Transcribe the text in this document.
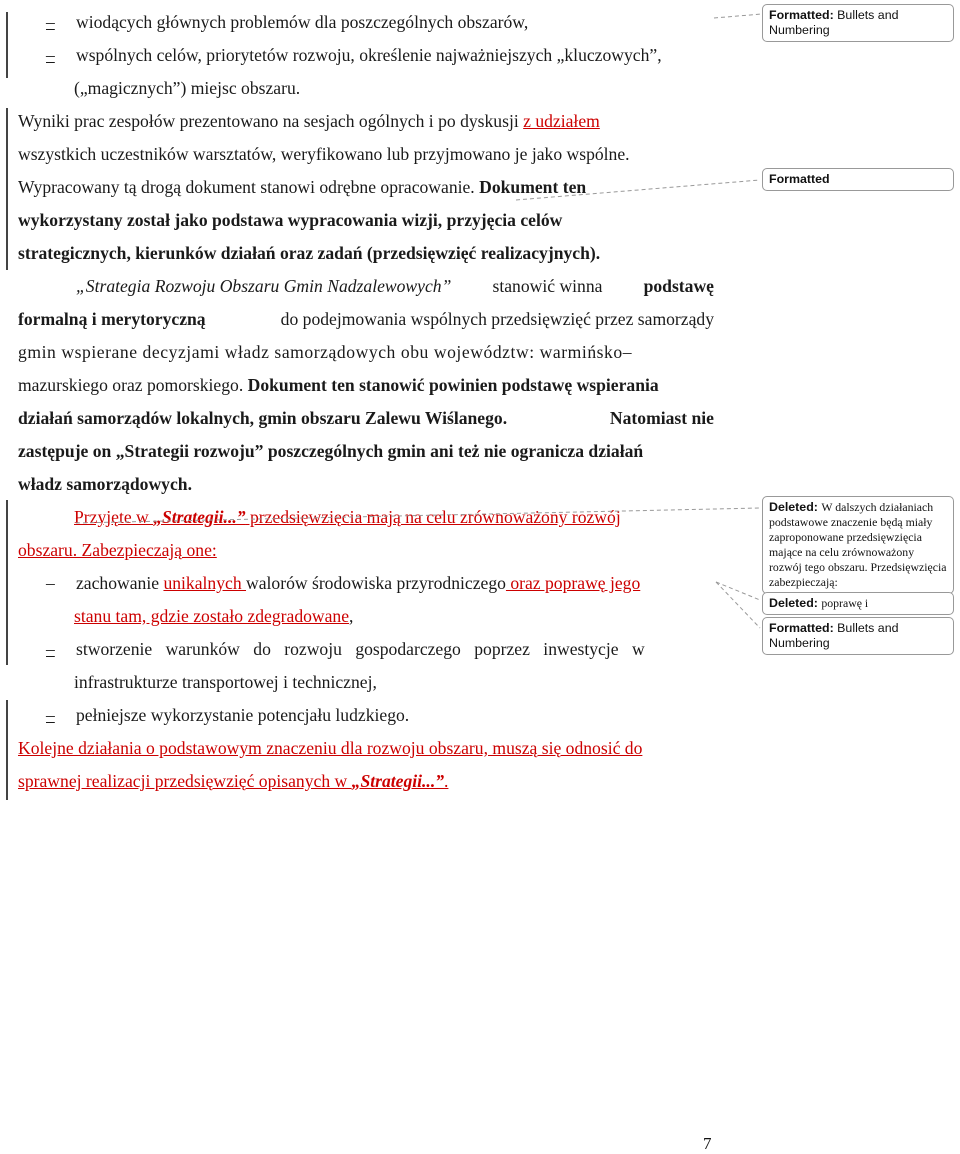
– wiodących głównych problemów dla poszczególnych obszarów,
– wspólnych celów, priorytetów rozwoju, określenie najważniejszych „kluczowych”,
(„magicznych”) miejsc obszaru.
Wyniki prac zespołów prezentowano na sesjach ogólnych i po dyskusji z udziałem
wszystkich uczestników warsztatów, weryfikowano lub przyjmowano je jako wspólne.
Wypracowany tą drogą dokument stanowi odrębne opracowanie. Dokument ten
wykorzystany został jako podstawa wypracowania wizji, przyjęcia celów
strategicznych, kierunków działań oraz zadań (przedsięwzięć realizacyjnych).
„Strategia Rozwoju Obszaru Gmin Nadzalewowych” stanowić winna podstawę
formalną i merytoryczną	do podejmowania wspólnych przedsięwzięć przez samorządy
gmin wspierane decyzjami władz samorządowych obu województw: warmińsko–
mazurskiego oraz pomorskiego. Dokument ten stanowić powinien podstawę wspierania
działań samorządów lokalnych, gmin obszaru Zalewu Wiślanego.	Natomiast nie
zastępuje on „Strategii rozwoju” poszczególnych gmin ani też nie ogranicza działań
władz samorządowych.
Przyjęte w „Strategii...” przedsięwzięcia mają na celu zrównoważony rozwój
obszaru. Zabezpieczają one:
– zachowanie unikalnych walorów środowiska przyrodniczego oraz poprawę jego
stanu tam, gdzie zostało zdegradowane,
– stworzenie warunków do rozwoju gospodarczego poprzez inwestycje w
infrastrukturze transportowej i technicznej,
– pełniejsze wykorzystanie potencjału ludzkiego.
Kolejne działania o podstawowym znaczeniu dla rozwoju obszaru, muszą się odnosić do
sprawnej realizacji przedsięwzięć opisanych w „Strategii...”.
Formatted: Bullets and Numbering
Formatted
Deleted: W dalszych działaniach podstawowe znaczenie będą miały zaproponowane przedsięwzięcia mające na celu zrównoważony rozwój tego obszaru. Przedsięwzięcia zabezpieczają:
Deleted: poprawę i
Formatted: Bullets and Numbering
7
